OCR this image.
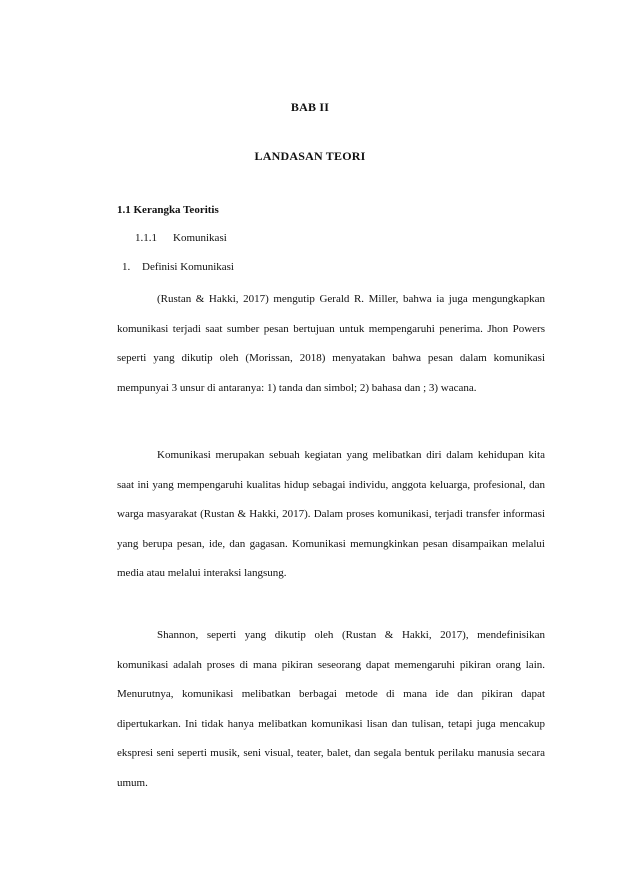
BAB II
LANDASAN TEORI
1.1 Kerangka Teoritis
1.1.1 Komunikasi
1. Definisi Komunikasi

(Rustan & Hakki, 2017) mengutip Gerald R. Miller, bahwa ia juga mengungkapkan komunikasi terjadi saat sumber pesan bertujuan untuk mempengaruhi penerima. Jhon Powers seperti yang dikutip oleh (Morissan, 2018) menyatakan bahwa pesan dalam komunikasi mempunyai 3 unsur di antaranya: 1) tanda dan simbol; 2) bahasa dan ; 3) wacana.

Komunikasi merupakan sebuah kegiatan yang melibatkan diri dalam kehidupan kita saat ini yang mempengaruhi kualitas hidup sebagai individu, anggota keluarga, profesional, dan warga masyarakat (Rustan & Hakki, 2017). Dalam proses komunikasi, terjadi transfer informasi yang berupa pesan, ide, dan gagasan. Komunikasi memungkinkan pesan disampaikan melalui media atau melalui interaksi langsung.

Shannon, seperti yang dikutip oleh (Rustan & Hakki, 2017), mendefinisikan komunikasi adalah proses di mana pikiran seseorang dapat memengaruhi pikiran orang lain. Menurutnya, komunikasi melibatkan berbagai metode di mana ide dan pikiran dapat dipertukarkan. Ini tidak hanya melibatkan komunikasi lisan dan tulisan, tetapi juga mencakup ekspresi seni seperti musik, seni visual, teater, balet, dan segala bentuk perilaku manusia secara umum.
